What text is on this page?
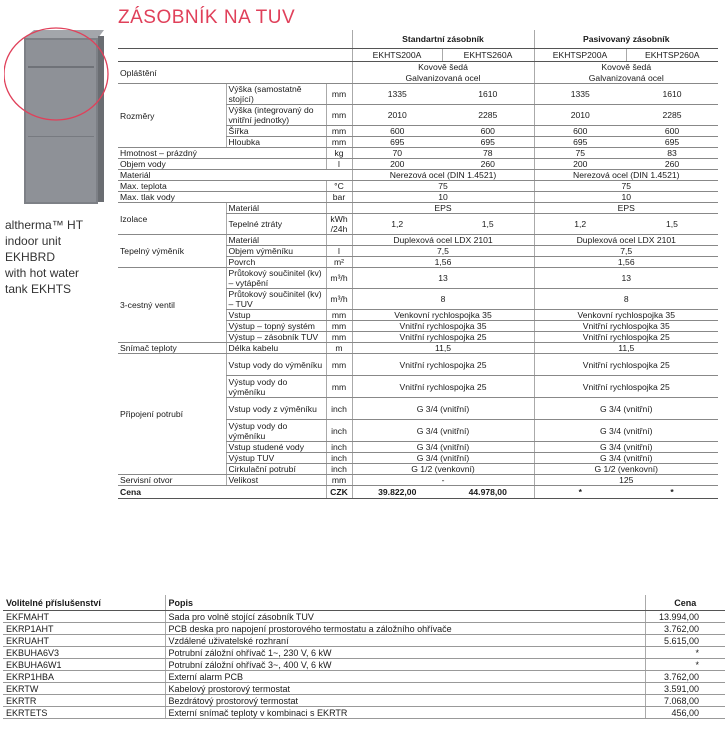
ZÁSOBNÍK NA TUV
altherma™ HT
indoor unit
EKHBRD
with hot water
tank EKHTS
			Standartní zásobník		Pasivovaný zásobník	
			EKHTS200A	EKHTS260A	EKHTSP200A	EKHTSP260A
Opláštění			Kovově šedá		Kovově šedá	
			Galvanizovaná ocel		Galvanizovaná ocel	
Rozměry	Výška (samostatně stojící)	mm	1335	1610	1335	1610
	Výška (integrovaný do vnitřní jednotky)	mm	2010	2285	2010	2285
	Šířka	mm	600	600	600	600
	Hloubka	mm	695	695	695	695
Hmotnost – prázdný		kg	70	78	75	83
Objem vody		l	200	260	200	260
Materiál			Nerezová ocel (DIN 1.4521)		Nerezová ocel (DIN 1.4521)	
Max. teplota		°C	75		75	
Max. tlak vody		bar	10		10	
Izolace	Materiál		EPS		EPS	
	Tepelné ztráty	kWh /24h	1,2	1,5	1,2	1,5
Tepelný výměník	Materiál		Duplexová ocel LDX 2101		Duplexová ocel LDX 2101	
	Objem výměníku	l	7,5		7,5	
	Povrch	m²	1,56		1,56	
3-cestný ventil	Průtokový součinitel (kv) – vytápění	m³/h	13		13	
	Průtokový součinitel (kv) – TUV	m³/h	8		8	
	Vstup	mm	Venkovní rychlospojka 35		Venkovní rychlospojka 35	
	Výstup – topný systém	mm	Vnitřní rychlospojka 35		Vnitřní rychlospojka 35	
	Výstup – zásobník TUV	mm	Vnitřní rychlospojka 25		Vnitřní rychlospojka 25	
Snímač teploty	Délka kabelu	m	11,5		11,5	
Připojení potrubí	Vstup vody do výměníku	mm	Vnitřní rychlospojka 25		Vnitřní rychlospojka 25	
	Výstup vody do výměníku	mm	Vnitřní rychlospojka 25		Vnitřní rychlospojka 25	
	Vstup vody z výměníku	inch	G 3/4 (vnitřní)		G 3/4 (vnitřní)	
	Výstup vody do výměníku	inch	G 3/4 (vnitřní)		G 3/4 (vnitřní)	
	Vstup studené vody	inch	G 3/4 (vnitřní)		G 3/4 (vnitřní)	
	Výstup TUV	inch	G 3/4 (vnitřní)		G 3/4 (vnitřní)	
	Cirkulační potrubí	inch	G 1/2 (venkovní)		G 1/2 (venkovní)	
Servisní otvor	Velikost	mm	-		125	
Cena		CZK	39.822,00	44.978,00	*	*
Volitelné příslušenství	Popis	Cena
EKFMAHT	Sada pro volně stojící zásobník TUV	13.994,00
EKRP1AHT	PCB deska pro napojení prostorového termostatu a záložního ohřívače	3.762,00
EKRUAHT	Vzdálené uživatelské rozhraní	5.615,00
EKBUHA6V3	Potrubní záložní ohřívač 1~, 230 V, 6 kW	*
EKBUHA6W1	Potrubní záložní ohřívač 3~, 400 V, 6 kW	*
EKRP1HBA	Externí alarm PCB	3.762,00
EKRTW	Kabelový prostorový termostat	3.591,00
EKRTR	Bezdrátový prostorový termostat	7.068,00
EKRTETS	Externí snímač teploty v kombinaci s EKRTR	456,00
